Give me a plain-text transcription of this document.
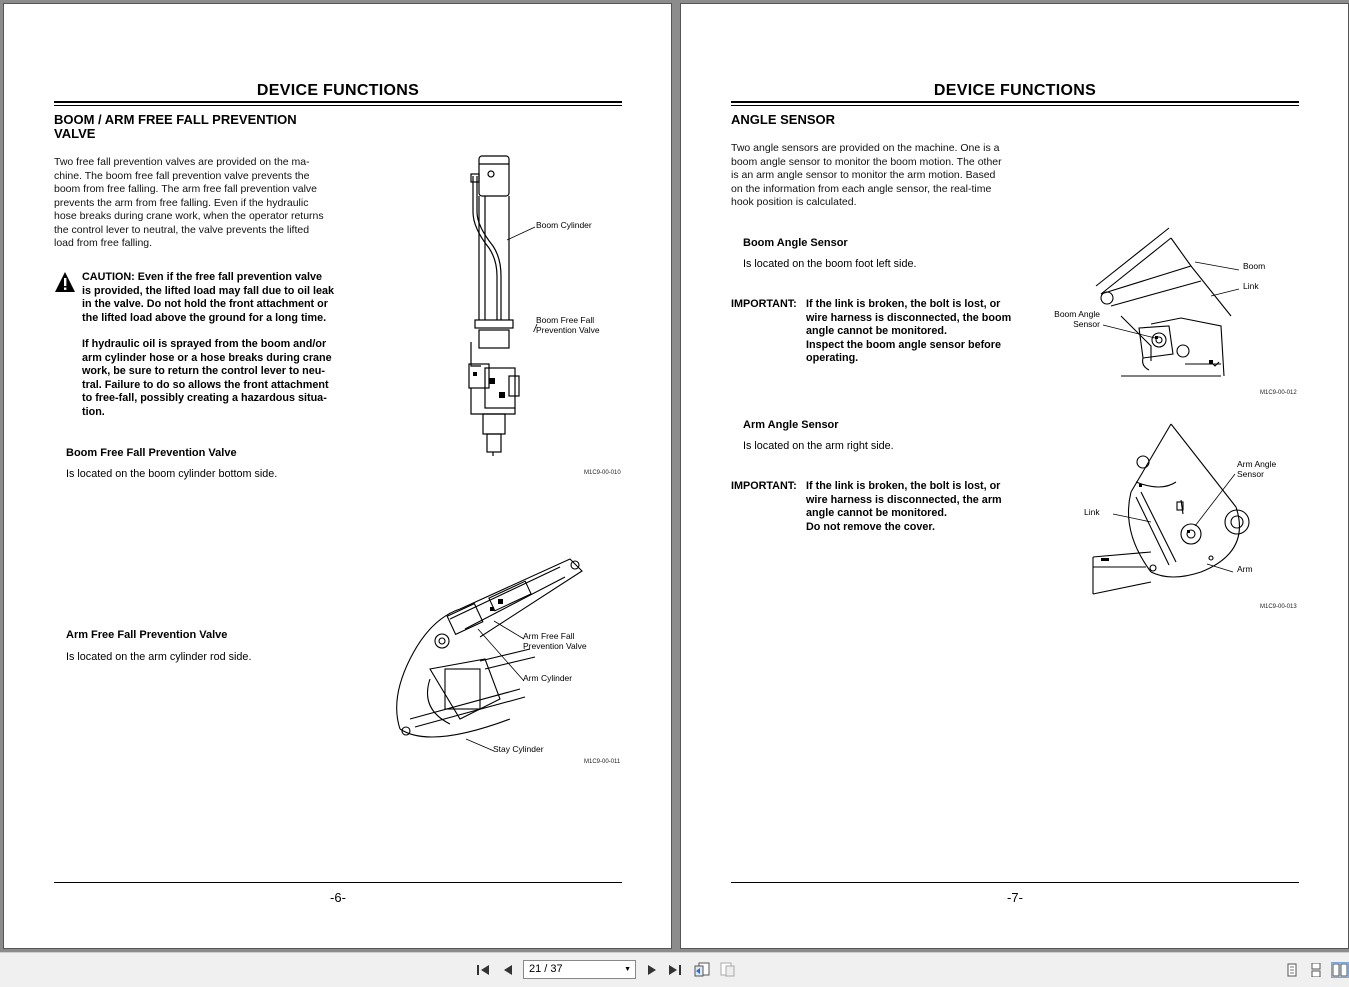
DEVICE FUNCTIONS
BOOM / ARM FREE FALL PREVENTION
VALVE
Two free fall prevention valves are provided on the ma-
chine. The boom free fall prevention valve prevents the
boom from free falling. The arm free fall prevention valve
prevents the arm from free falling. Even if the hydraulic
hose breaks during crane work, when the operator returns
the control lever to neutral, the valve prevents the lifted
load from free falling.

CAUTION: Even if the free fall prevention valve
is provided, the lifted load may fall due to oil leak
in the valve. Do not hold the front attachment or
the lifted load above the ground for a long time.

If hydraulic oil is sprayed from the boom and/or
arm cylinder hose or a hose breaks during crane
work, be sure to return the control lever to neu-
tral. Failure to do so allows the front attachment
to free-fall, possibly creating a hazardous situa-
tion.

Boom Free Fall Prevention Valve
Is located on the boom cylinder bottom side.
Boom Cylinder
Boom Free Fall
Prevention Valve
M1C9-00-010
Arm Free Fall Prevention Valve
Is located on the arm cylinder rod side.
Arm Free Fall
Prevention Valve
Arm Cylinder
Stay Cylinder
M1C9-00-011
-6-
DEVICE FUNCTIONS
ANGLE SENSOR
Two angle sensors are provided on the machine. One is a
boom angle sensor to monitor the boom motion. The other
is an arm angle sensor to monitor the arm motion. Based
on the information from each angle sensor, the real-time
hook position is calculated.
Boom Angle Sensor
Is located on the boom foot left side.
IMPORTANT: If the link is broken, the bolt is lost, or
wire harness is disconnected, the boom
angle cannot be monitored.
Inspect the boom angle sensor before
operating.
Boom
Link
Boom Angle
Sensor
M1C9-00-012
Arm Angle Sensor
Is located on the arm right side.
IMPORTANT: If the link is broken, the bolt is lost, or
wire harness is disconnected, the arm
angle cannot be monitored.
Do not remove the cover.
Arm Angle
Sensor
Link
Arm
M1C9-00-013
-7-
21 / 37	▼
